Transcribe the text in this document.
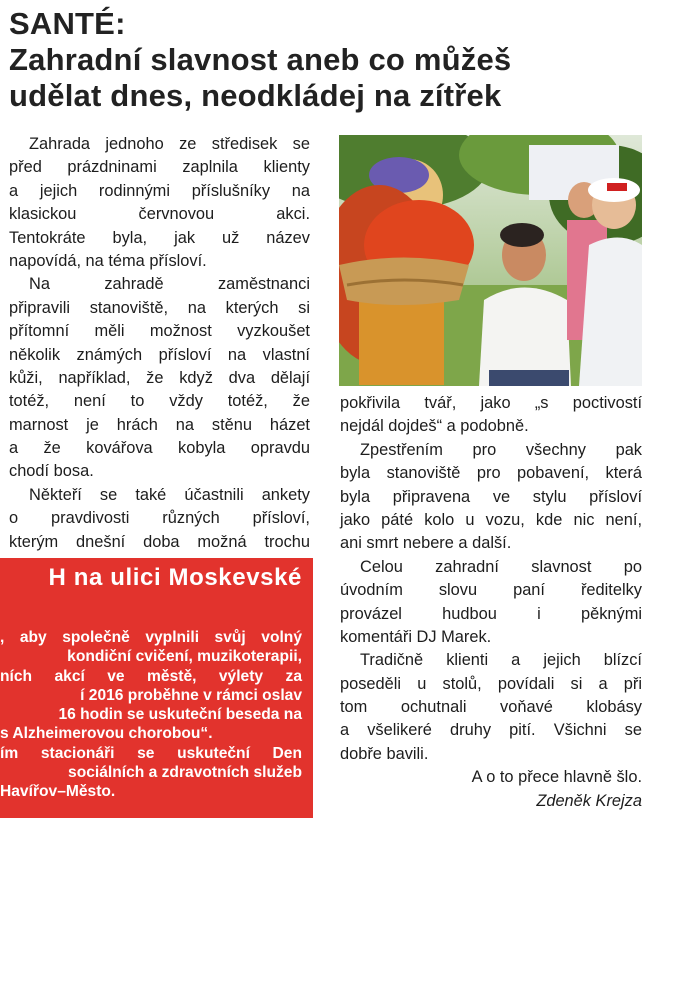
SANTÉ:
Zahradní slavnost aneb co můžeš
udělat dnes, neodkládej na zítřek

Zahrada jednoho ze středisek se

před prázdninami zaplnila klienty

a jejich rodinnými příslušníky na

klasickou červnovou akci.

Tentokráte byla, jak už název

napovídá, na téma přísloví.

Na zahradě zaměstnanci

připravili stanoviště, na kterých si

přítomní měli možnost vyzkoušet

několik známých přísloví na vlastní

kůži, například, že když dva dělají

totéž, není to vždy totéž, že

marnost je hrách na stěnu házet

a že kovářova kobyla opravdu

chodí bosa.

Někteří se také účastnili ankety

o pravdivosti různých přísloví,

kterým dnešní doba možná trochu

pokřivila tvář, jako „s poctivostí

nejdál dojdeš“ a podobně.

Zpestřením pro všechny pak

byla stanoviště pro pobavení, která

byla připravena ve stylu přísloví

jako páté kolo u vozu, kde nic není,

ani smrt nebere a další.

Celou zahradní slavnost po

úvodním slovu paní ředitelky

provázel hudbou i pěknými

komentáři DJ Marek.

Tradičně klienti a jejich blízcí

poseděli u stolů, povídali si a při

tom ochutnali voňavé klobásy

a všelikeré druhy pití. Všichni se

dobře bavili.

A o to přece hlavně šlo.

Zdeněk Krejza

H na ulici Moskevské
, aby společně vyplnili svůj volný
kondiční cvičení, muzikoterapii,
ních akcí ve městě, výlety za
í 2016 proběhne v rámci oslav
16 hodin se uskuteční beseda na
s Alzheimerovou chorobou“.
ím stacionáři se uskuteční Den
sociálních a zdravotních služeb
Havířov–Město.
